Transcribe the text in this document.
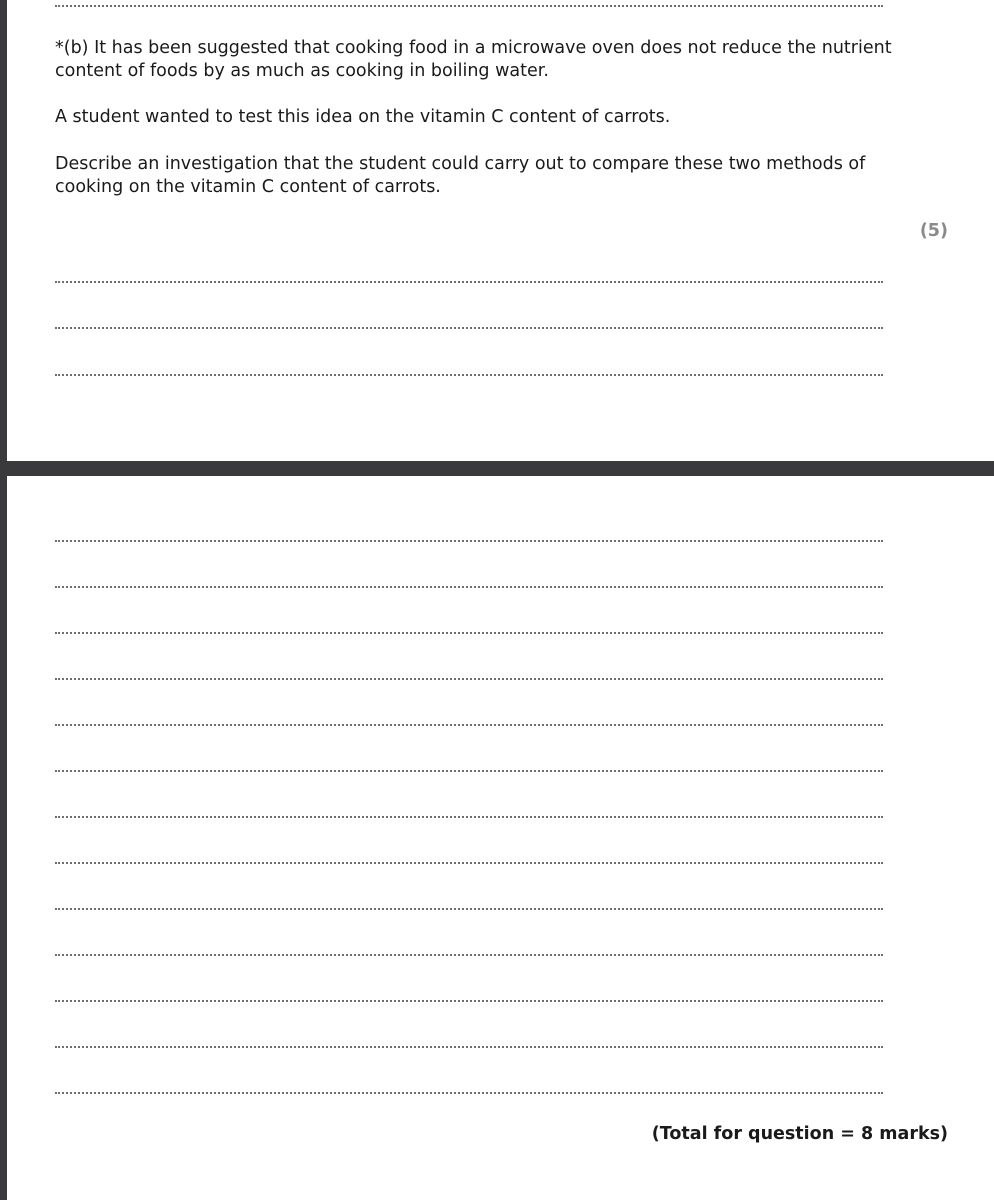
*(b) It has been suggested that cooking food in a microwave oven does not reduce the nutrient content of foods by as much as cooking in boiling water.

A student wanted to test this idea on the vitamin C content of carrots.

Describe an investigation that the student could carry out to compare these two methods of cooking on the vitamin C content of carrots.

(5)
(Total for question = 8 marks)
